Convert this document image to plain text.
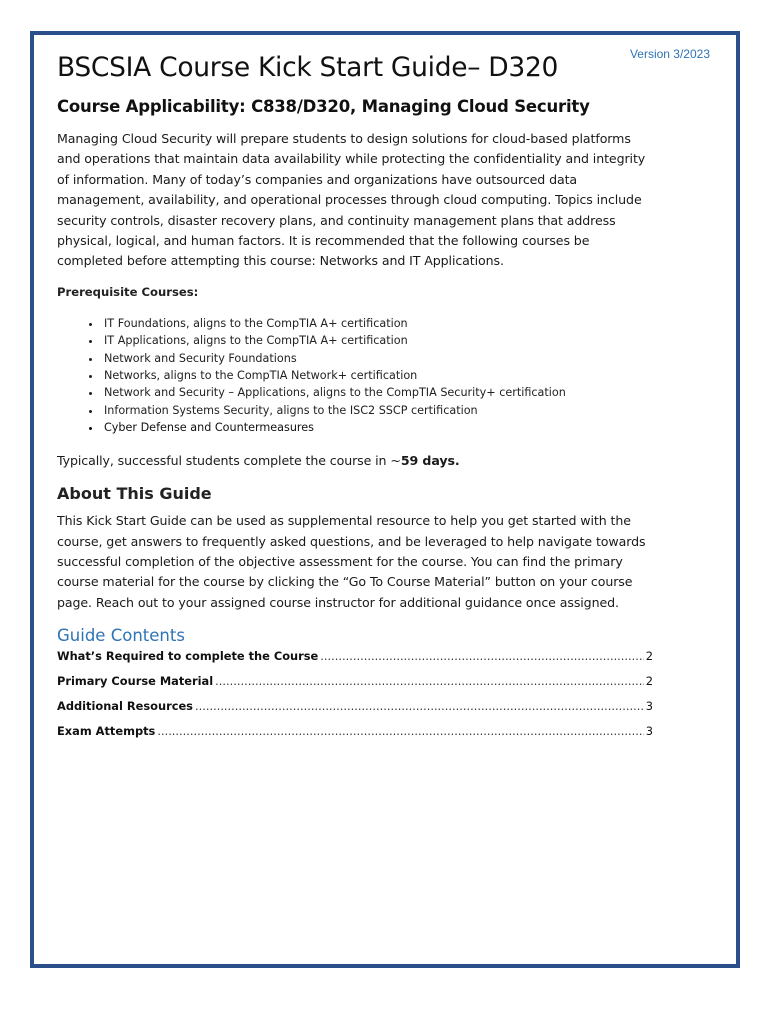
Version 3/2023
BSCSIA Course Kick Start Guide– D320
Course Applicability: C838/D320, Managing Cloud Security

Managing Cloud Security will prepare students to design solutions for cloud-based platforms and operations that maintain data availability while protecting the confidentiality and integrity of information. Many of today’s companies and organizations have outsourced data management, availability, and operational processes through cloud computing. Topics include security controls, disaster recovery plans, and continuity management plans that address physical, logical, and human factors. It is recommended that the following courses be completed before attempting this course: Networks and IT Applications.

Prerequisite Courses:
• IT Foundations, aligns to the CompTIA A+ certification
• IT Applications, aligns to the CompTIA A+ certification
• Network and Security Foundations
• Networks, aligns to the CompTIA Network+ certification
• Network and Security – Applications, aligns to the CompTIA Security+ certification
• Information Systems Security, aligns to the ISC2 SSCP certification
• Cyber Defense and Countermeasures
Typically, successful students complete the course in ~59 days.
About This Guide

This Kick Start Guide can be used as supplemental resource to help you get started with the course, get answers to frequently asked questions, and be leveraged to help navigate towards successful completion of the objective assessment for the course. You can find the primary course material for the course by clicking the “Go To Course Material” button on your course page. Reach out to your assigned course instructor for additional guidance once assigned.

Guide Contents
What’s Required to complete the Course .....	2
Primary Course Material .....	2
Additional Resources .....	3
Exam Attempts .....	3
